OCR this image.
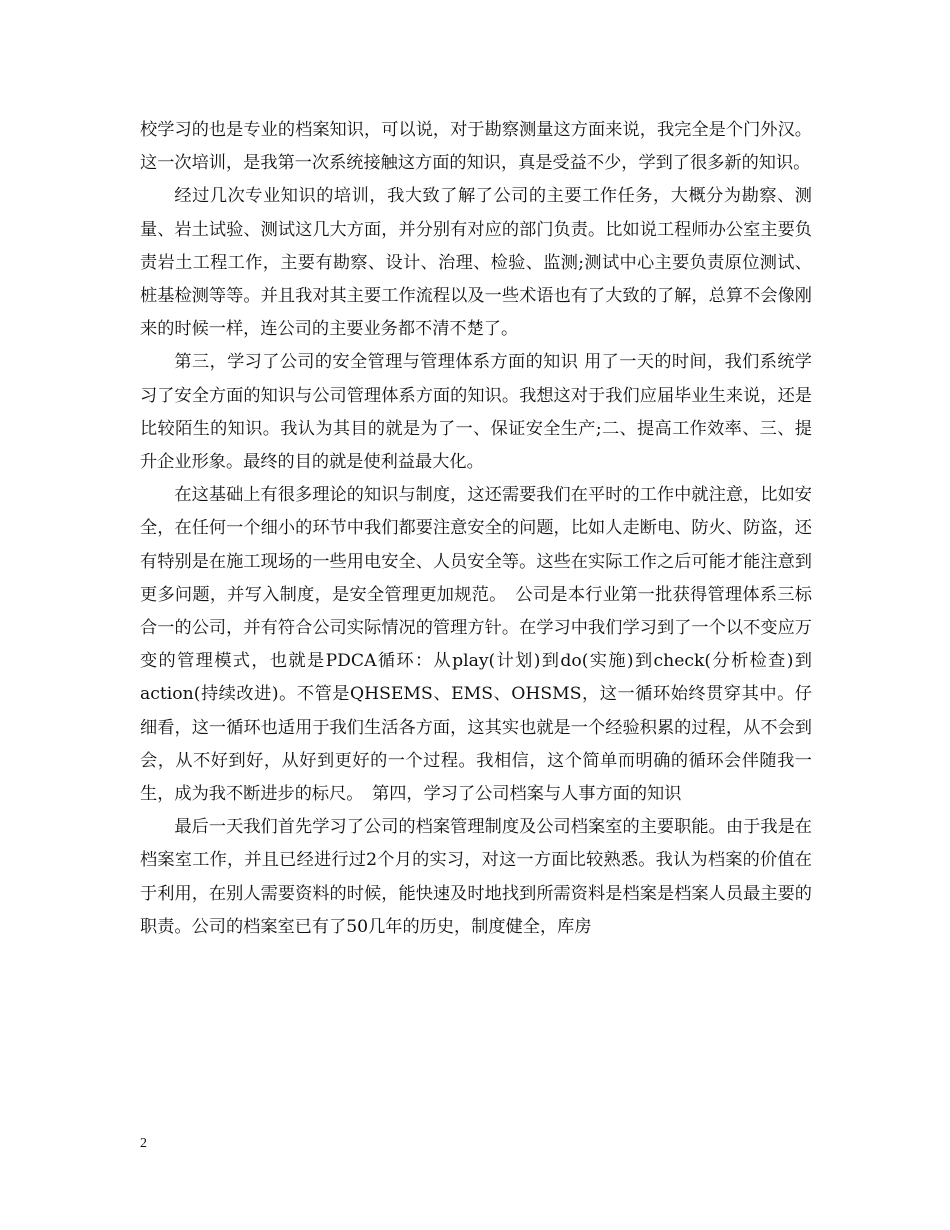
校学习的也是专业的档案知识，可以说，对于勘察测量这方面来说，我完全是个门外汉。这一次培训，是我第一次系统接触这方面的知识，真是受益不少，学到了很多新的知识。

经过几次专业知识的培训，我大致了解了公司的主要工作任务，大概分为勘察、测量、岩土试验、测试这几大方面，并分别有对应的部门负责。比如说工程师办公室主要负责岩土工程工作，主要有勘察、设计、治理、检验、监测;测试中心主要负责原位测试、桩基检测等等。并且我对其主要工作流程以及一些术语也有了大致的了解，总算不会像刚来的时候一样，连公司的主要业务都不清不楚了。

第三，学习了公司的安全管理与管理体系方面的知识 用了一天的时间，我们系统学习了安全方面的知识与公司管理体系方面的知识。我想这对于我们应届毕业生来说，还是比较陌生的知识。我认为其目的就是为了一、保证安全生产;二、提高工作效率、三、提升企业形象。最终的目的就是使利益最大化。

在这基础上有很多理论的知识与制度，这还需要我们在平时的工作中就注意，比如安全，在任何一个细小的环节中我们都要注意安全的问题，比如人走断电、防火、防盗，还有特别是在施工现场的一些用电安全、人员安全等。这些在实际工作之后可能才能注意到更多问题，并写入制度，是安全管理更加规范。　公司是本行业第一批获得管理体系三标合一的公司，并有符合公司实际情况的管理方针。在学习中我们学习到了一个以不变应万变的管理模式，也就是PDCA循环：从play(计划)到do(实施)到check(分析检查)到action(持续改进)。不管是QHSEMS、EMS、OHSMS，这一循环始终贯穿其中。仔细看，这一循环也适用于我们生活各方面，这其实也就是一个经验积累的过程，从不会到会，从不好到好，从好到更好的一个过程。我相信，这个简单而明确的循环会伴随我一生，成为我不断进步的标尺。　第四，学习了公司档案与人事方面的知识

最后一天我们首先学习了公司的档案管理制度及公司档案室的主要职能。由于我是在档案室工作，并且已经进行过2个月的实习，对这一方面比较熟悉。我认为档案的价值在于利用，在别人需要资料的时候，能快速及时地找到所需资料是档案是档案人员最主要的职责。公司的档案室已有了50几年的历史，制度健全，库房

2
